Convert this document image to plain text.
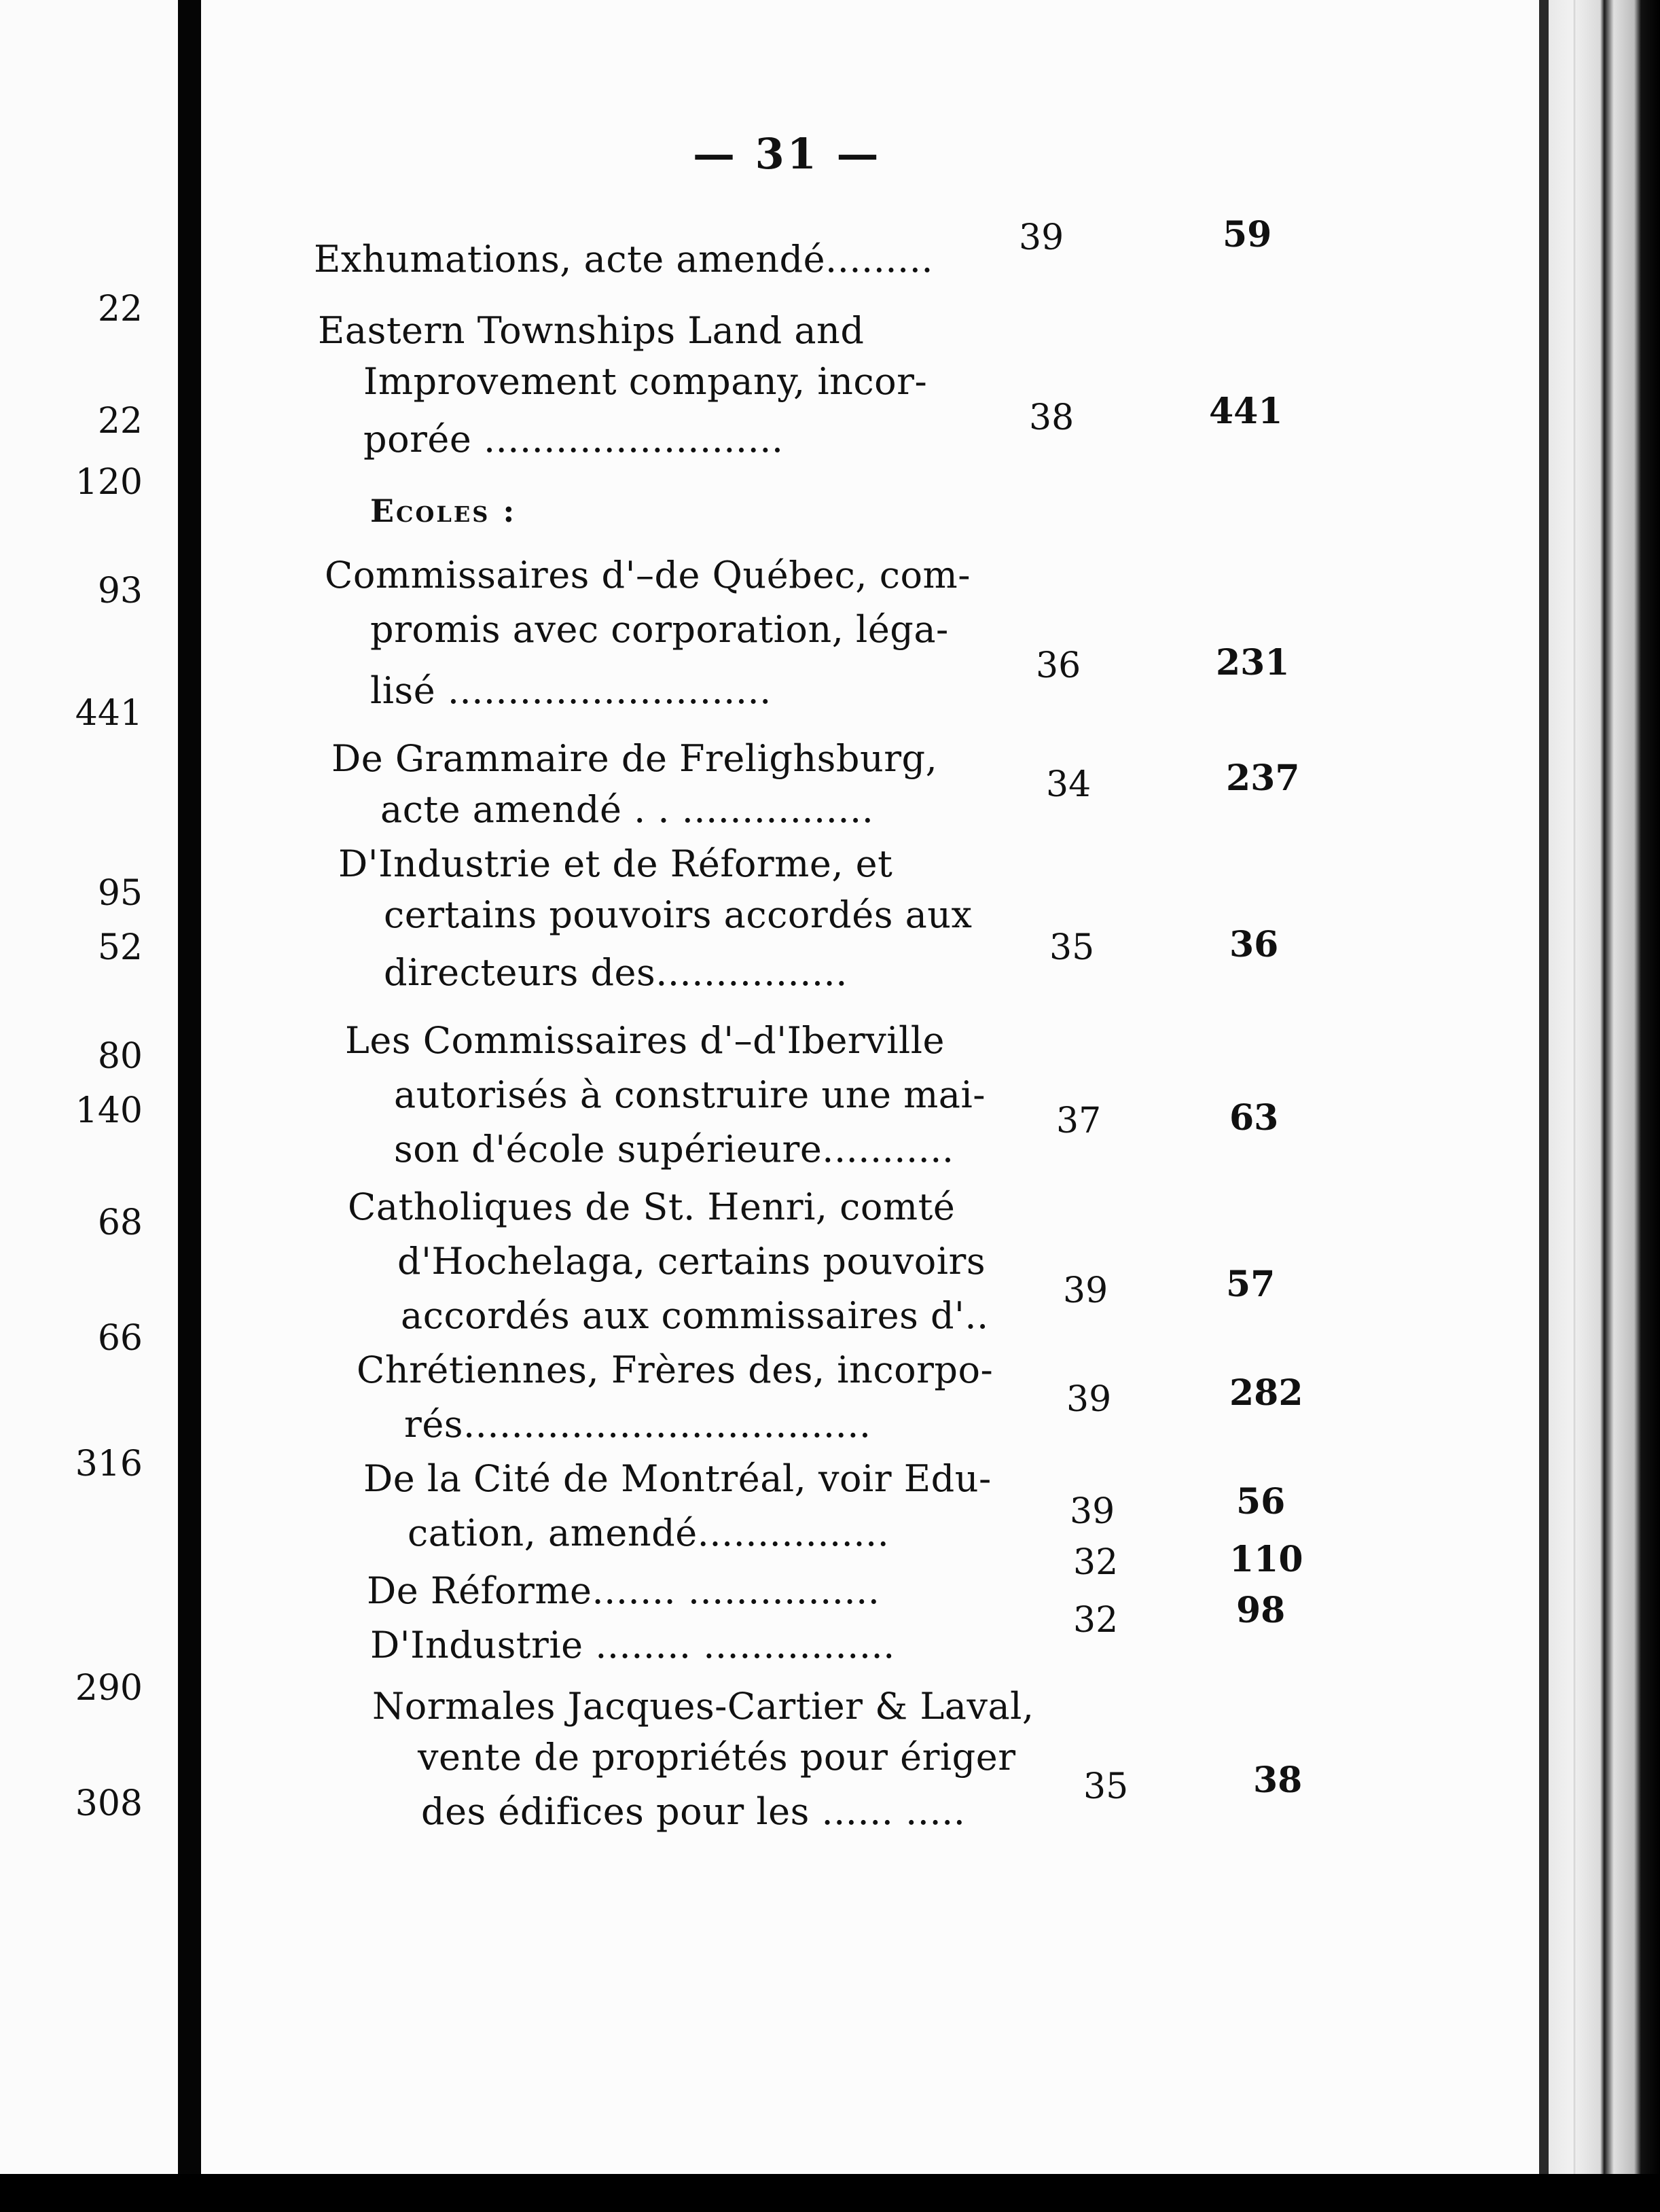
22
22
120
93
441
95
52
80
140
68
66
316
290
308
— 31 —
Exhumations, acte amendé......... 39	59
Eastern Townships Land and
Improvement company, incor-
porée .........................	38	441
Ecoles :
Commissaires d'–de Québec, com-
promis avec corporation, léga-
lisé ...........................
36	231
De Grammaire de Frelighsburg,
acte amendé . . ................
34	237
D'Industrie et de Réforme, et
certains pouvoirs accordés aux
directeurs des................
35	36
Les Commissaires d'–d'Iberville
autorisés à construire une mai-
son d'école supérieure...........
37	63
Catholiques de St. Henri, comté
d'Hochelaga, certains pouvoirs
accordés aux commissaires d'..
39	57
Chrétiennes, Frères des, incorpo-
rés..................................
39	282
De la Cité de Montréal, voir Edu-
cation, amendé................	39	56
De Réforme....... ................
32	110
D'Industrie ........ ................
32	98
Normales Jacques-Cartier & Laval,
vente de propriétés pour ériger
des édifices pour les ...... .....
35	38
